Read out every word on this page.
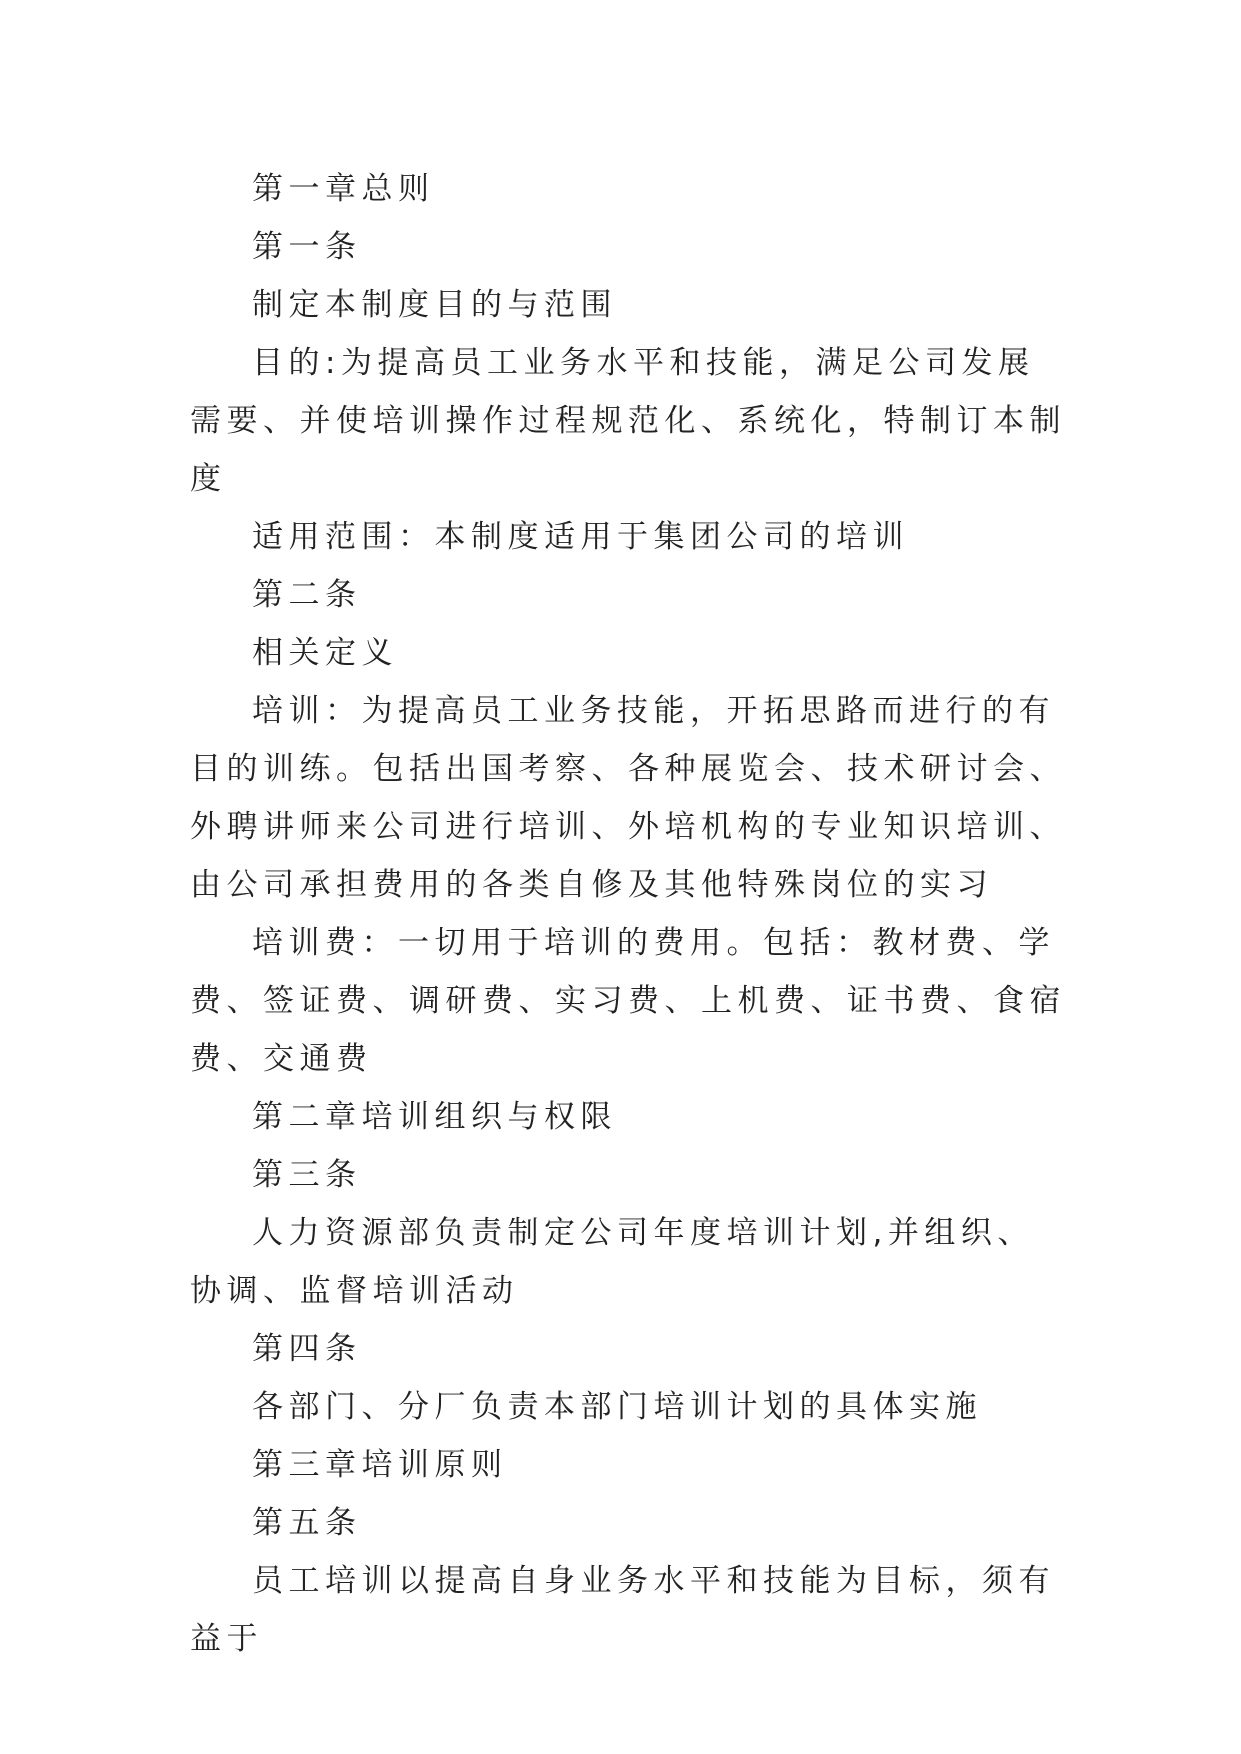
第一章总则

第一条

制定本制度目的与范围

目的:为提高员工业务水平和技能，满足公司发展需要、并使培训操作过程规范化、系统化，特制订本制度

适用范围：本制度适用于集团公司的培训

第二条

相关定义

培训：为提高员工业务技能，开拓思路而进行的有目的训练。包括出国考察、各种展览会、技术研讨会、外聘讲师来公司进行培训、外培机构的专业知识培训、由公司承担费用的各类自修及其他特殊岗位的实习

培训费：一切用于培训的费用。包括：教材费、学费、签证费、调研费、实习费、上机费、证书费、食宿费、交通费

第二章培训组织与权限

第三条

人力资源部负责制定公司年度培训计划,并组织、协调、监督培训活动

第四条

各部门、分厂负责本部门培训计划的具体实施

第三章培训原则

第五条

员工培训以提高自身业务水平和技能为目标，须有益于
